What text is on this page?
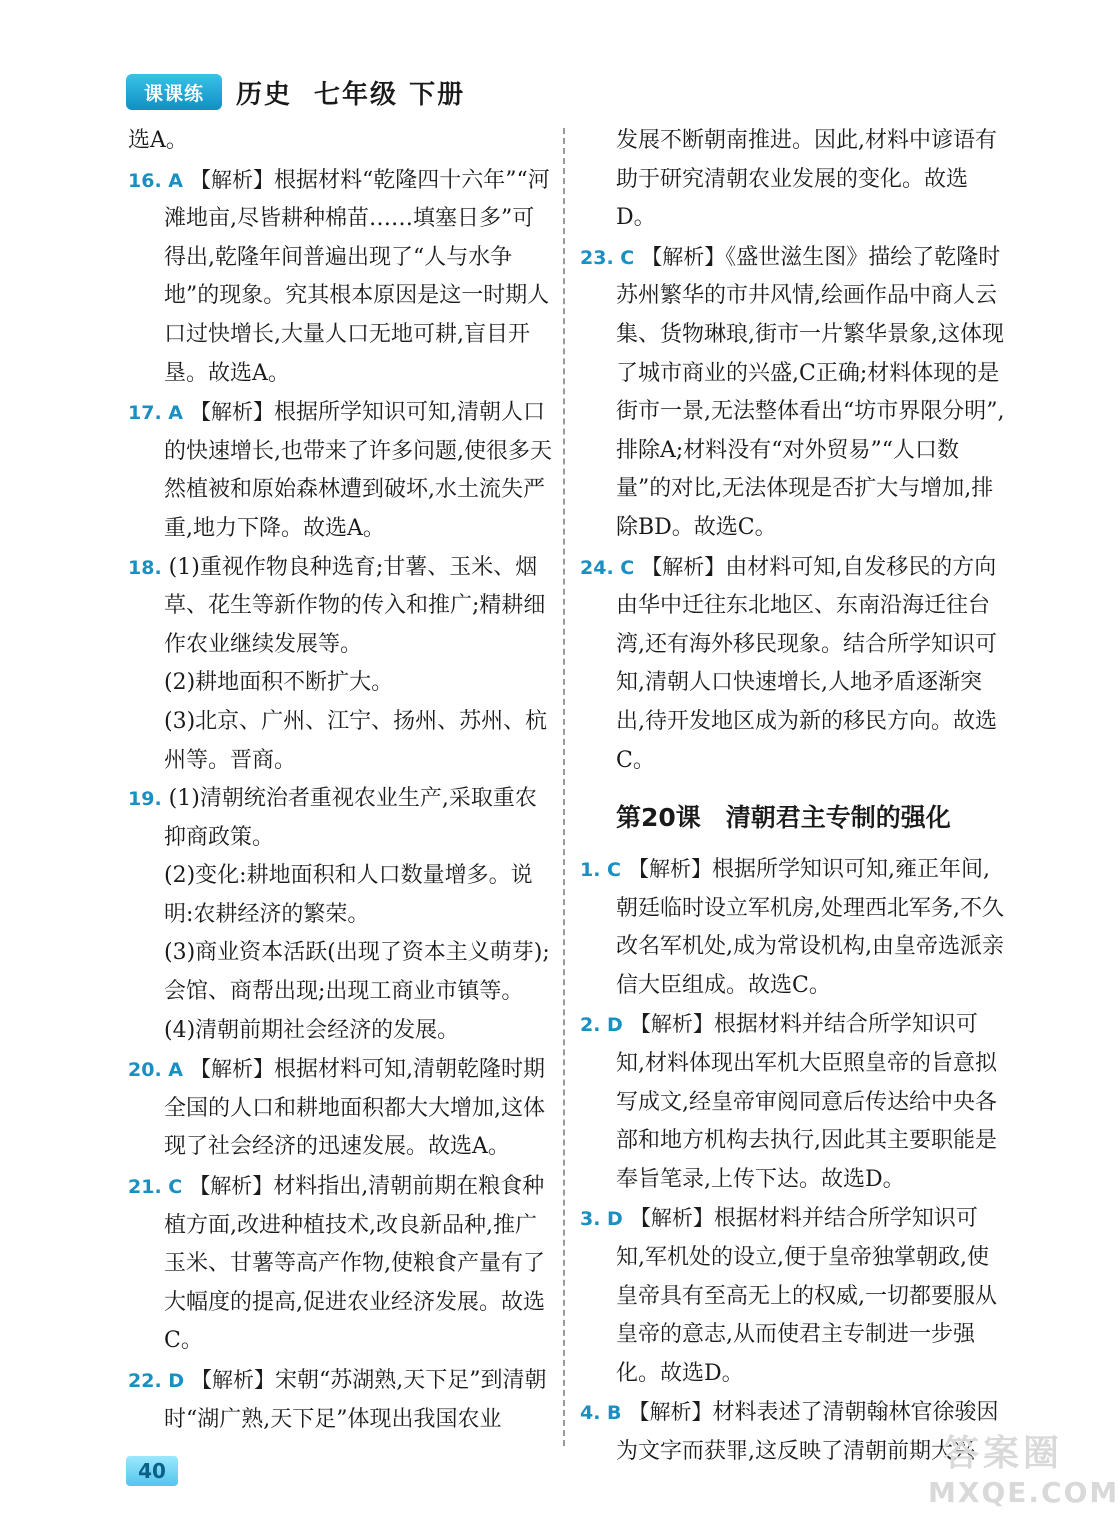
课课练	历史 七年级 下册

选A。

16. A 【解析】根据材料“乾隆四十六年”“河滩地亩,尽皆耕种棉苗……填塞日多”可得出,乾隆年间普遍出现了“人与水争地”的现象。究其根本原因是这一时期人口过快增长,大量人口无地可耕,盲目开垦。故选A。

17. A 【解析】根据所学知识可知,清朝人口的快速增长,也带来了许多问题,使很多天然植被和原始森林遭到破坏,水土流失严重,地力下降。故选A。

18. (1)重视作物良种选育;甘薯、玉米、烟草、花生等新作物的传入和推广;精耕细作农业继续发展等。

(2)耕地面积不断扩大。

(3)北京、广州、江宁、扬州、苏州、杭州等。晋商。

19. (1)清朝统治者重视农业生产,采取重农抑商政策。

(2)变化:耕地面积和人口数量增多。说明:农耕经济的繁荣。

(3)商业资本活跃(出现了资本主义萌芽);会馆、商帮出现;出现工商业市镇等。

(4)清朝前期社会经济的发展。

20. A 【解析】根据材料可知,清朝乾隆时期全国的人口和耕地面积都大大增加,这体现了社会经济的迅速发展。故选A。

21. C 【解析】材料指出,清朝前期在粮食种植方面,改进种植技术,改良新品种,推广玉米、甘薯等高产作物,使粮食产量有了大幅度的提高,促进农业经济发展。故选C。

22. D 【解析】宋朝“苏湖熟,天下足”到清朝时“湖广熟,天下足”体现出我国农业

发展不断朝南推进。因此,材料中谚语有助于研究清朝农业发展的变化。故选D。

23. C 【解析】《盛世滋生图》描绘了乾隆时苏州繁华的市井风情,绘画作品中商人云集、货物琳琅,街市一片繁华景象,这体现了城市商业的兴盛,C正确;材料体现的是街市一景,无法整体看出“坊市界限分明”,排除A;材料没有“对外贸易”“人口数量”的对比,无法体现是否扩大与增加,排除BD。故选C。

24. C 【解析】由材料可知,自发移民的方向由华中迁往东北地区、东南沿海迁往台湾,还有海外移民现象。结合所学知识可知,清朝人口快速增长,人地矛盾逐渐突出,待开发地区成为新的移民方向。故选C。

第20课　清朝君主专制的强化

1. C 【解析】根据所学知识可知,雍正年间,朝廷临时设立军机房,处理西北军务,不久改名军机处,成为常设机构,由皇帝选派亲信大臣组成。故选C。

2. D 【解析】根据材料并结合所学知识可知,材料体现出军机大臣照皇帝的旨意拟写成文,经皇帝审阅同意后传达给中央各部和地方机构去执行,因此其主要职能是奉旨笔录,上传下达。故选D。

3. D 【解析】根据材料并结合所学知识可知,军机处的设立,便于皇帝独掌朝政,使皇帝具有至高无上的权威,一切都要服从皇帝的意志,从而使君主专制进一步强化。故选D。

4. B 【解析】材料表述了清朝翰林官徐骏因为文字而获罪,这反映了清朝前期大兴

40	答案圈
MXQE.COM
